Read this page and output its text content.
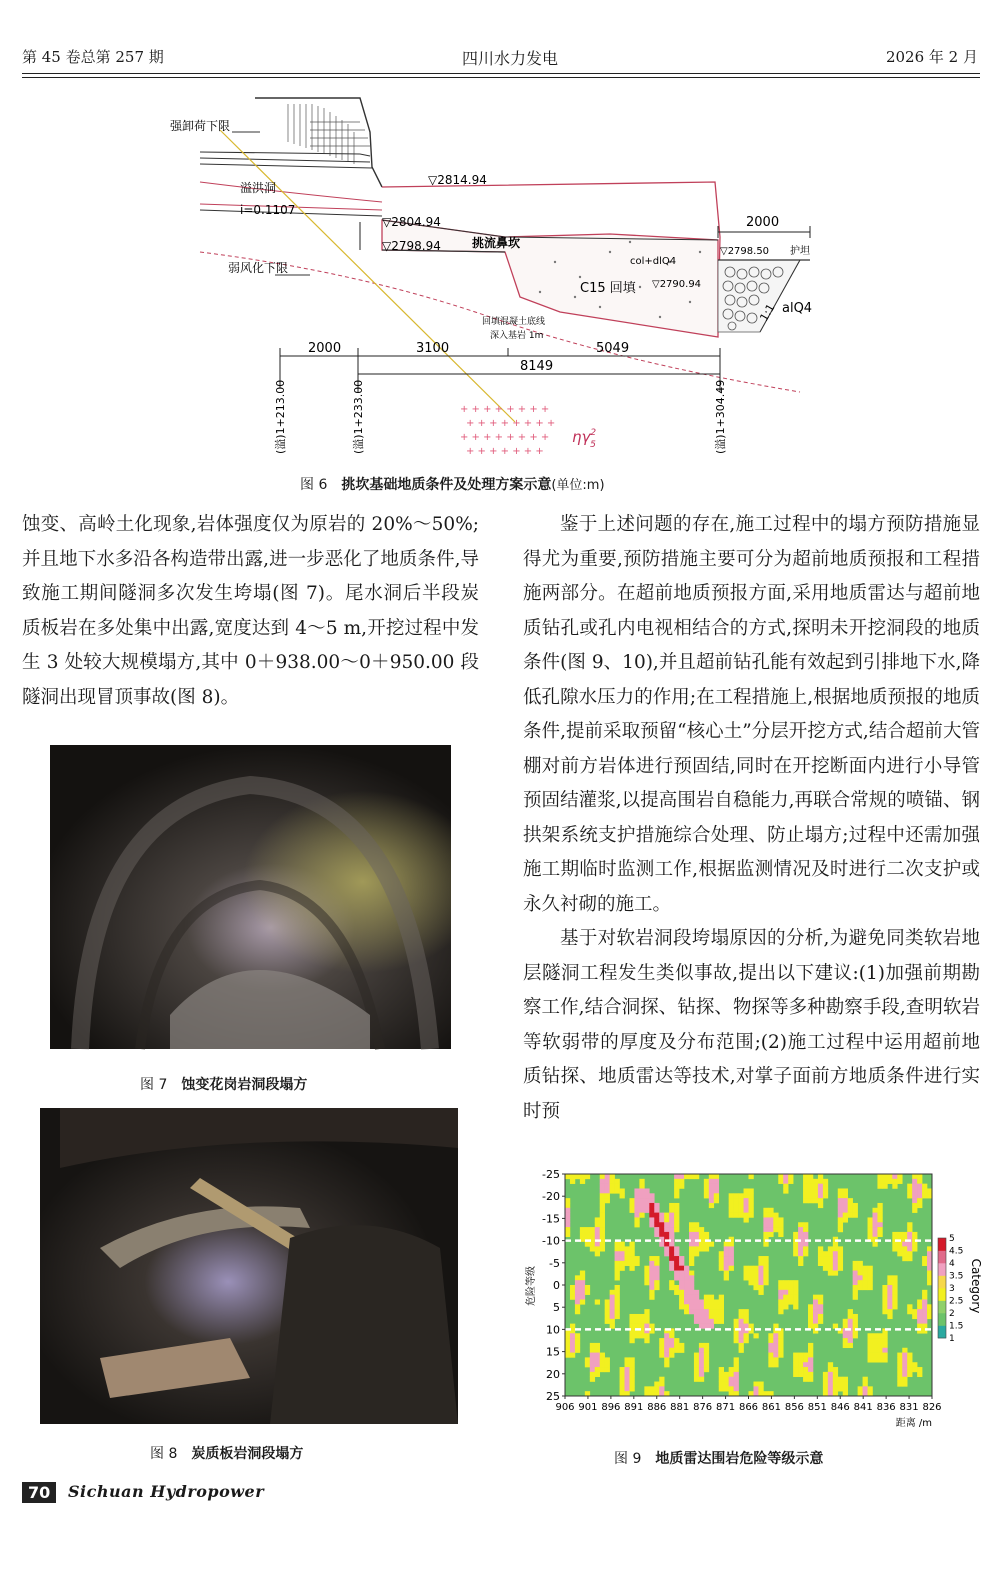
第 45 卷总第 257 期	四川水力发电	2026 年 2 月
强卸荷下限
溢洪洞
i=0.1107
弱风化下限
▽2814.94
▽2804.94
▽2798.94	挑流鼻坎
col+dlQ4
C15 回填 ▽2790.94
2000
▽2798.50 护坦
1:1 alQ4
回填混凝土底线
深入基岩 1m
2000	3100	5049
8149
(溢)1+213.00	(溢)1+233.00	(溢)1+304.49
+ + + + + + + +
+ + + + + + + +
+ + + + + + + +
+ + + + + + +
$\eta\gamma^2$ 5
图 6 挑坎基础地质条件及处理方案示意(单位:m)

蚀变、高岭土化现象,岩体强度仅为原岩的 20%～50%;并且地下水多沿各构造带出露,进一步恶化了地质条件,导致施工期间隧洞多次发生垮塌(图 7)。尾水洞后半段炭质板岩在多处集中出露,宽度达到 4～5 m,开挖过程中发生 3 处较大规模塌方,其中 0＋938.00～0＋950.00 段隧洞出现冒顶事故(图 8)。

图 7 蚀变花岗岩洞段塌方
图 8 炭质板岩洞段塌方

鉴于上述问题的存在,施工过程中的塌方预防措施显得尤为重要,预防措施主要可分为超前地质预报和工程措施两部分。在超前地质预报方面,采用地质雷达与超前地质钻孔或孔内电视相结合的方式,探明未开挖洞段的地质条件(图 9、10),并且超前钻孔能有效起到引排地下水,降低孔隙水压力的作用;在工程措施上,根据地质预报的地质条件,提前采取预留“核心土”分层开挖方式,结合超前大管棚对前方岩体进行预固结,同时在开挖断面内进行小导管预固结灌浆,以提高围岩自稳能力,再联合常规的喷锚、钢拱架系统支护措施综合处理、防止塌方;过程中还需加强施工期临时监测工作,根据监测情况及时进行二次支护或永久衬砌的施工。

基于对软岩洞段垮塌原因的分析,为避免同类软岩地层隧洞工程发生类似事故,提出以下建议:(1)加强前期勘察工作,结合洞探、钻探、物探等多种勘察手段,查明软岩等软弱带的厚度及分布范围;(2)施工过程中运用超前地质钻探、地质雷达等技术,对掌子面前方地质条件进行实时预

-25
-20
-15
-10
-5
0
5
10
15
20
25
906 901 896 891 886 881 876 871 866 861 856 851 846 841 836 831 826
危险等级
距离 /m
5
4.5
4
3.5
3
2.5
2
1.5
1
Category
图 9 地质雷达围岩危险等级示意
70	Sichuan Hydropower
